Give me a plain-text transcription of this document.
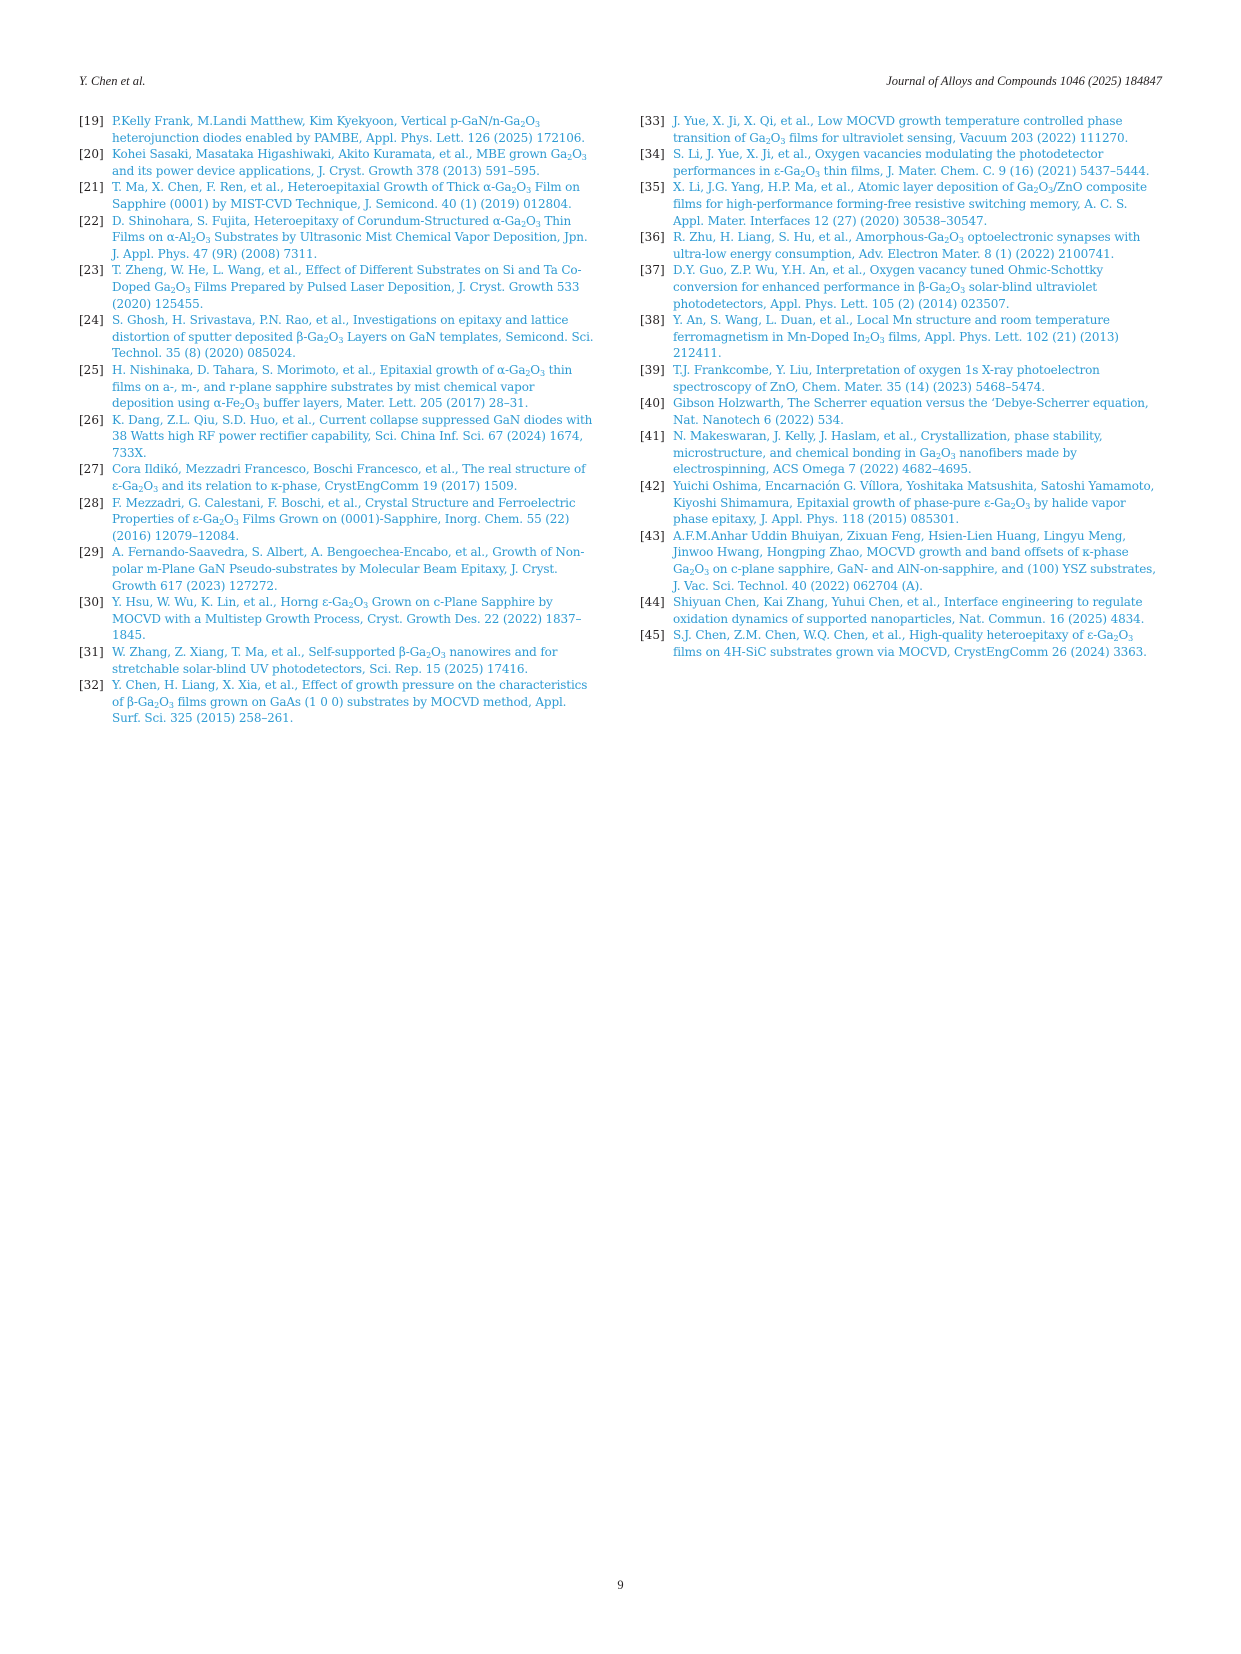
Y. Chen et al.	Journal of Alloys and Compounds 1046 (2025) 184847
[19] P.Kelly Frank, M.Landi Matthew, Kim Kyekyoon, Vertical $p-GaN/n-Ga_2O_3$ heterojunction diodes enabled by PAMBE, Appl. Phys. Lett. 126 (2025) 172106.
[20] Kohei Sasaki, Masataka Higashiwaki, Akito Kuramata, et al., MBE grown $Ga_2O_3$ and its power device applications, J. Cryst. Growth 378 (2013) 591–595.
[21] T. Ma, X. Chen, F. Ren, et al., Heteroepitaxial Growth of Thick $\alpha-Ga_2O_3$ Film on Sapphire (0001) by MIST-CVD Technique, J. Semicond. 40 (1) (2019) 012804.
[22] D. Shinohara, S. Fujita, Heteroepitaxy of Corundum-Structured $\alpha-Ga_2O_3$ Thin Films on $\alpha-Al_2O_3$ Substrates by Ultrasonic Mist Chemical Vapor Deposition, Jpn. J. Appl. Phys. 47 (9R) (2008) 7311.
[23] T. Zheng, W. He, L. Wang, et al., Effect of Different Substrates on Si and Ta Co-Doped $Ga_2O_3$ Films Prepared by Pulsed Laser Deposition, J. Cryst. Growth 533 (2020) 125455.
[24] S. Ghosh, H. Srivastava, P.N. Rao, et al., Investigations on epitaxy and lattice distortion of sputter deposited $\beta-Ga_2O_3$ Layers on GaN templates, Semicond. Sci. Technol. 35 (8) (2020) 085024.
[25] H. Nishinaka, D. Tahara, S. Morimoto, et al., Epitaxial growth of $\alpha-Ga_2O_3$ thin films on a-, m-, and r-plane sapphire substrates by mist chemical vapor deposition using $\alpha-Fe_2O_3$ buffer layers, Mater. Lett. 205 (2017) 28–31.
[26] K. Dang, Z.L. Qiu, S.D. Huo, et al., Current collapse suppressed GaN diodes with 38 Watts high RF power rectifier capability, Sci. China Inf. Sci. 67 (2024) 1674, 733X.
[27] Cora Ildikó, Mezzadri Francesco, Boschi Francesco, et al., The real structure of $\varepsilon-Ga_2O_3$ and its relation to κ-phase, CrystEngComm 19 (2017) 1509.
[28] F. Mezzadri, G. Calestani, F. Boschi, et al., Crystal Structure and Ferroelectric Properties of $\varepsilon-Ga_2O_3$ Films Grown on (0001)-Sapphire, Inorg. Chem. 55 (22) (2016) 12079–12084.
[29] A. Fernando-Saavedra, S. Albert, A. Bengoechea-Encabo, et al., Growth of Non-polar m-Plane GaN Pseudo-substrates by Molecular Beam Epitaxy, J. Cryst. Growth 617 (2023) 127272.
[30] Y. Hsu, W. Wu, K. Lin, et al., Horng $\varepsilon-Ga_2O_3$ Grown on c-Plane Sapphire by MOCVD with a Multistep Growth Process, Cryst. Growth Des. 22 (2022) 1837–1845.
[31] W. Zhang, Z. Xiang, T. Ma, et al., Self-supported $\beta-Ga_2O_3$ nanowires and for stretchable solar-blind UV photodetectors, Sci. Rep. 15 (2025) 17416.
[32] Y. Chen, H. Liang, X. Xia, et al., Effect of growth pressure on the characteristics of $\beta-Ga_2O_3$ films grown on GaAs (1 0 0) substrates by MOCVD method, Appl. Surf. Sci. 325 (2015) 258–261.
[33] J. Yue, X. Ji, X. Qi, et al., Low MOCVD growth temperature controlled phase transition of $Ga_2O_3$ films for ultraviolet sensing, Vacuum 203 (2022) 111270.
[34] S. Li, J. Yue, X. Ji, et al., Oxygen vacancies modulating the photodetector performances in $\varepsilon-Ga_2O_3$ thin films, J. Mater. Chem. C. 9 (16) (2021) 5437–5444.
[35] X. Li, J.G. Yang, H.P. Ma, et al., Atomic layer deposition of $Ga_2O_3$/ZnO composite films for high-performance forming-free resistive switching memory, A. C. S. Appl. Mater. Interfaces 12 (27) (2020) 30538–30547.
[36] R. Zhu, H. Liang, S. Hu, et al., Amorphous-$Ga_2O_3$ optoelectronic synapses with ultra-low energy consumption, Adv. Electron Mater. 8 (1) (2022) 2100741.
[37] D.Y. Guo, Z.P. Wu, Y.H. An, et al., Oxygen vacancy tuned Ohmic-Schottky conversion for enhanced performance in $\beta-Ga_2O_3$ solar-blind ultraviolet photodetectors, Appl. Phys. Lett. 105 (2) (2014) 023507.
[38] Y. An, S. Wang, L. Duan, et al., Local Mn structure and room temperature ferromagnetism in Mn-Doped $In_2O_3$ films, Appl. Phys. Lett. 102 (21) (2013) 212411.
[39] T.J. Frankcombe, Y. Liu, Interpretation of oxygen 1s X-ray photoelectron spectroscopy of ZnO, Chem. Mater. 35 (14) (2023) 5468–5474.
[40] Gibson Holzwarth, The Scherrer equation versus the ‘Debye-Scherrer equation, Nat. Nanotech 6 (2022) 534.
[41] N. Makeswaran, J. Kelly, J. Haslam, et al., Crystallization, phase stability, microstructure, and chemical bonding in $Ga_2O_3$ nanofibers made by electrospinning, ACS Omega 7 (2022) 4682–4695.
[42] Yuichi Oshima, Encarnación G. Víllora, Yoshitaka Matsushita, Satoshi Yamamoto, Kiyoshi Shimamura, Epitaxial growth of phase-pure $\varepsilon-Ga_2O_3$ by halide vapor phase epitaxy, J. Appl. Phys. 118 (2015) 085301.
[43] A.F.M.Anhar Uddin Bhuiyan, Zixuan Feng, Hsien-Lien Huang, Lingyu Meng, Jinwoo Hwang, Hongping Zhao, MOCVD growth and band offsets of κ-phase $Ga_2O_3$ on c-plane sapphire, GaN- and AlN-on-sapphire, and (100) YSZ substrates, J. Vac. Sci. Technol. 40 (2022) 062704 (A).
[44] Shiyuan Chen, Kai Zhang, Yuhui Chen, et al., Interface engineering to regulate oxidation dynamics of supported nanoparticles, Nat. Commun. 16 (2025) 4834.
[45] S.J. Chen, Z.M. Chen, W.Q. Chen, et al., High-quality heteroepitaxy of $\varepsilon-Ga_2O_3$ films on 4H-SiC substrates grown via MOCVD, CrystEngComm 26 (2024) 3363.
9
